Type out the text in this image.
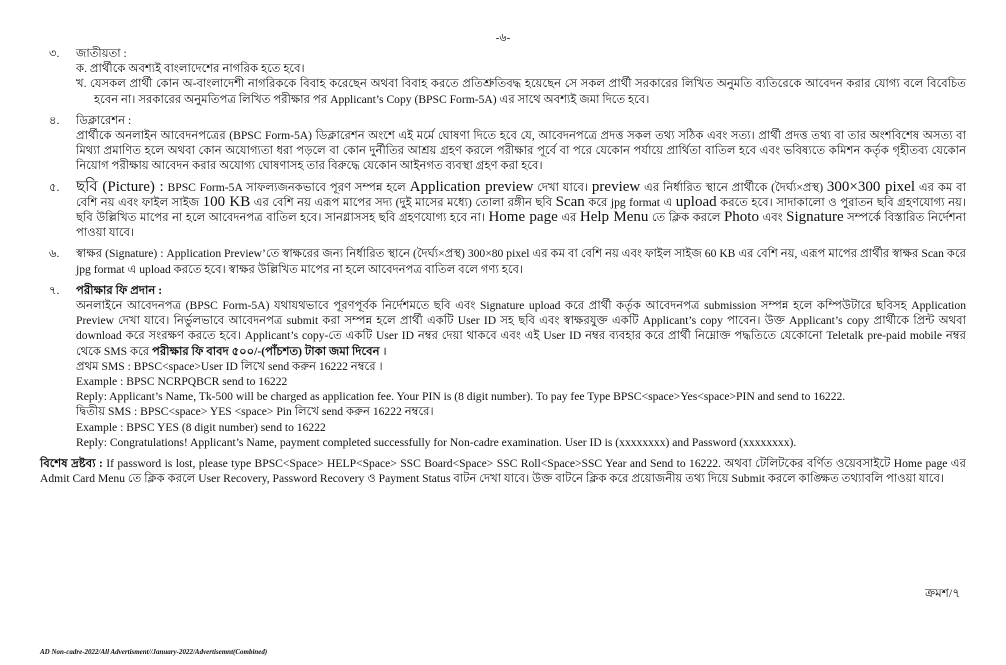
-৬-
৩.	জাতীয়তা :
ক. প্রার্থীকে অবশ্যই বাংলাদেশের নাগরিক হতে হবে।
খ. যেসকল প্রার্থী কোন অ-বাংলাদেশী নাগরিককে বিবাহ করেছেন অথবা বিবাহ করতে প্রতিশ্রুতিবদ্ধ হয়েছেন সে সকল প্রার্থী সরকারের লিখিত অনুমতি ব্যতিরেকে আবেদন করার যোগ্য বলে বিবেচিত হবেন না। সরকারের অনুমতিপত্র লিখিত পরীক্ষার পর Applicant’s Copy (BPSC Form-5A) এর সাথে অবশ্যই জমা দিতে হবে।
৪.	ডিক্লারেশন :
প্রার্থীকে অনলাইন আবেদনপত্রের (BPSC Form-5A) ডিক্লারেশন অংশে এই মর্মে ঘোষণা দিতে হবে যে, আবেদনপত্রে প্রদত্ত সকল তথ্য সঠিক এবং সত্য। প্রার্থী প্রদত্ত তথ্য বা তার অংশবিশেষ অসত্য বা মিথ্যা প্রমাণিত হলে অথবা কোন অযোগ্যতা ধরা পড়লে বা কোন দুর্নীতির আশ্রয় গ্রহণ করলে পরীক্ষার পূর্বে বা পরে যেকোন পর্যায়ে প্রার্থিতা বাতিল হবে এবং ভবিষ্যতে কমিশন কর্তৃক গৃহীতব্য যেকোন নিয়োগ পরীক্ষায় আবেদন করার অযোগ্য ঘোষণাসহ তার বিরুদ্ধে যেকোন আইনগত ব্যবস্থা গ্রহণ করা হবে।
৫.	ছবি (Picture) : BPSC Form-5A সাফল্যজনকভাবে পূরণ সম্পন্ন হলে Application preview দেখা যাবে। preview এর নির্ধারিত স্থানে প্রার্থীকে (দৈর্ঘ্য×প্রস্থ) 300×300 pixel এর কম বা বেশি নয় এবং ফাইল সাইজ 100 KB এর বেশি নয় এরূপ মাপের সদ্য (দুই মাসের মধ্যে) তোলা রঙ্গীন ছবি Scan করে jpg format এ upload করতে হবে। সাদাকালো ও পুরাতন ছবি গ্রহণযোগ্য নয়। ছবি উল্লিখিত মাপের না হলে আবেদনপত্র বাতিল হবে। সানগ্লাসসহ ছবি গ্রহণযোগ্য হবে না। Home page এর Help Menu তে ক্লিক করলে Photo এবং Signature সম্পর্কে বিস্তারিত নির্দেশনা পাওয়া যাবে।
৬.	স্বাক্ষর (Signature) : Application Preview’তে স্বাক্ষরের জন্য নির্ধারিত স্থানে (দৈর্ঘ্য×প্রস্থ) 300×80 pixel এর কম বা বেশি নয় এবং ফাইল সাইজ 60 KB এর বেশি নয়, এরূপ মাপের প্রার্থীর স্বাক্ষর Scan করে jpg format এ upload করতে হবে। স্বাক্ষর উল্লিখিত মাপের না হলে আবেদনপত্র বাতিল বলে গণ্য হবে।
৭.	পরীক্ষার ফি প্রদান :
অনলাইনে আবেদনপত্র (BPSC Form-5A) যথাযথভাবে পূরণপূর্বক নির্দেশমতে ছবি এবং Signature upload করে প্রার্থী কর্তৃক আবেদনপত্র submission সম্পন্ন হলে কম্পিউটারে ছবিসহ Application Preview দেখা যাবে। নির্ভুলভাবে আবেদনপত্র submit করা সম্পন্ন হলে প্রার্থী একটি User ID সহ ছবি এবং স্বাক্ষরযুক্ত একটি Applicant’s copy পাবেন। উক্ত Applicant’s copy প্রার্থীকে প্রিন্ট অথবা download করে সংরক্ষণ করতে হবে। Applicant’s copy-তে একটি User ID নম্বর দেয়া থাকবে এবং এই User ID নম্বর ব্যবহার করে প্রার্থী নিম্নোক্ত পদ্ধতিতে যেকোনো Teletalk pre-paid mobile নম্বর থেকে SMS করে পরীক্ষার ফি বাবদ ৫০০/-(পাঁচশত) টাকা জমা দিবেন ।
প্রথম SMS : BPSC<space>User ID লিখে send করুন 16222 নম্বরে ।
Example : BPSC NCRPQBCR send to 16222
Reply: Applicant’s Name, Tk-500 will be charged as application fee. Your PIN is (8 digit number). To pay fee Type BPSC<space>Yes<space>PIN and send to 16222.
দ্বিতীয় SMS : BPSC<space> YES <space> Pin লিখে send করুন 16222 নম্বরে।
Example : BPSC YES (8 digit number) send to 16222
Reply: Congratulations! Applicant’s Name, payment completed successfully for Non-cadre examination. User ID is (xxxxxxxx) and Password (xxxxxxxx).
বিশেষ দ্রষ্টব্য : If password is lost, please type BPSC<Space> HELP<Space> SSC Board<Space> SSC Roll<Space>SSC Year and Send to 16222. অথবা টেলিটকের বর্ণিত ওয়েবসাইটে Home page এর Admit Card Menu তে ক্লিক করলে User Recovery, Password Recovery ও Payment Status বাটন দেখা যাবে। উক্ত বাটনে ক্লিক করে প্রয়োজনীয় তথ্য দিয়ে Submit করলে কাঙ্ক্ষিত তথ্যাবলি পাওয়া যাবে।
ক্রমশ/৭
AD Non-cadre-2022/All Advertisment//January-2022/Advertisemnt(Combined)
